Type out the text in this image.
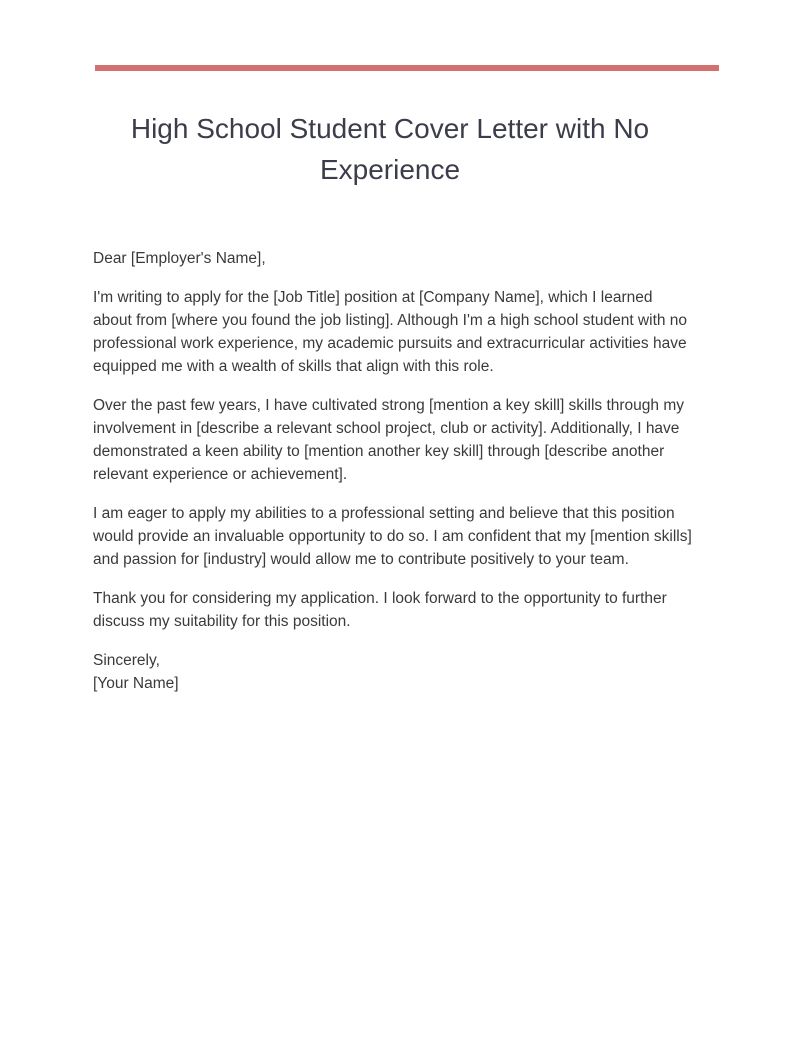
High School Student Cover Letter with No Experience

Dear [Employer's Name],

I'm writing to apply for the [Job Title] position at [Company Name], which I learned about from [where you found the job listing]. Although I'm a high school student with no professional work experience, my academic pursuits and extracurricular activities have equipped me with a wealth of skills that align with this role.

Over the past few years, I have cultivated strong [mention a key skill] skills through my involvement in [describe a relevant school project, club or activity]. Additionally, I have demonstrated a keen ability to [mention another key skill] through [describe another relevant experience or achievement].

I am eager to apply my abilities to a professional setting and believe that this position would provide an invaluable opportunity to do so. I am confident that my [mention skills] and passion for [industry] would allow me to contribute positively to your team.

Thank you for considering my application. I look forward to the opportunity to further discuss my suitability for this position.

Sincerely,
[Your Name]
